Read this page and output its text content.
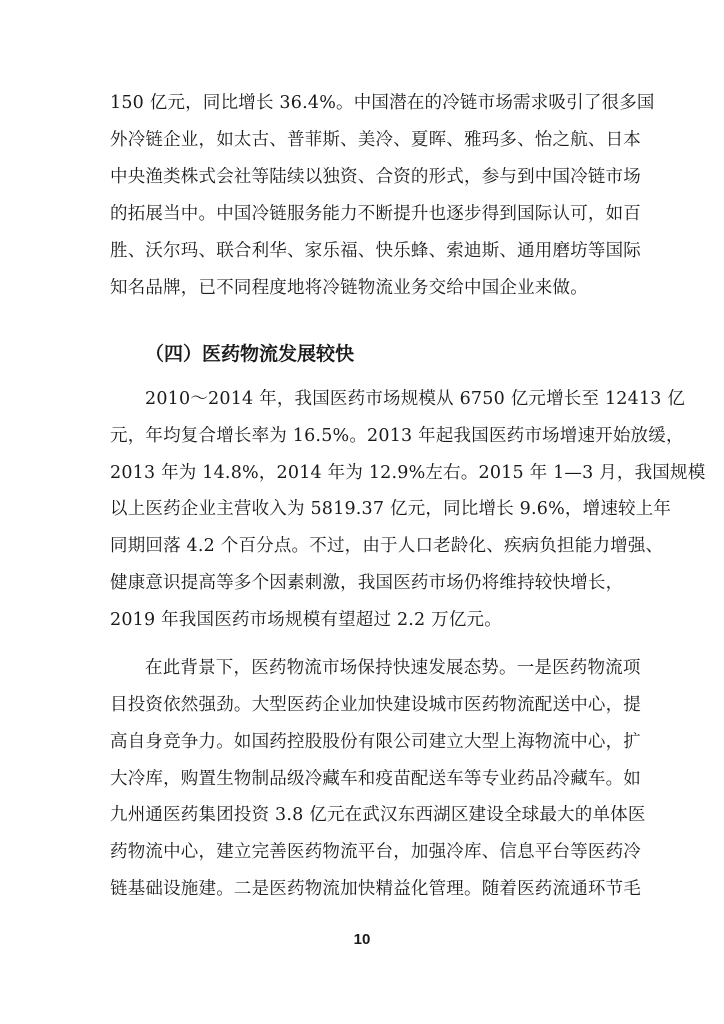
150 亿元，同比增长 36.4%。中国潜在的冷链市场需求吸引了很多国
外冷链企业，如太古、普菲斯、美冷、夏晖、雅玛多、怡之航、日本
中央渔类株式会社等陆续以独资、合资的形式，参与到中国冷链市场
的拓展当中。中国冷链服务能力不断提升也逐步得到国际认可，如百
胜、沃尔玛、联合利华、家乐福、快乐蜂、索迪斯、通用磨坊等国际
知名品牌，已不同程度地将冷链物流业务交给中国企业来做。
（四）医药物流发展较快
2010～2014 年，我国医药市场规模从 6750 亿元增长至 12413 亿
元，年均复合增长率为 16.5%。2013 年起我国医药市场增速开始放缓，
2013 年为 14.8%，2014 年为 12.9%左右。2015 年 1—3 月，我国规模
以上医药企业主营收入为 5819.37 亿元，同比增长 9.6%，增速较上年
同期回落 4.2 个百分点。不过，由于人口老龄化、疾病负担能力增强、
健康意识提高等多个因素刺激，我国医药市场仍将维持较快增长，
2019 年我国医药市场规模有望超过 2.2 万亿元。
在此背景下，医药物流市场保持快速发展态势。一是医药物流项
目投资依然强劲。大型医药企业加快建设城市医药物流配送中心，提
高自身竞争力。如国药控股股份有限公司建立大型上海物流中心，扩
大冷库，购置生物制品级冷藏车和疫苗配送车等专业药品冷藏车。如
九州通医药集团投资 3.8 亿元在武汉东西湖区建设全球最大的单体医
药物流中心，建立完善医药物流平台，加强冷库、信息平台等医药冷
链基础设施建。二是医药物流加快精益化管理。随着医药流通环节毛
10
